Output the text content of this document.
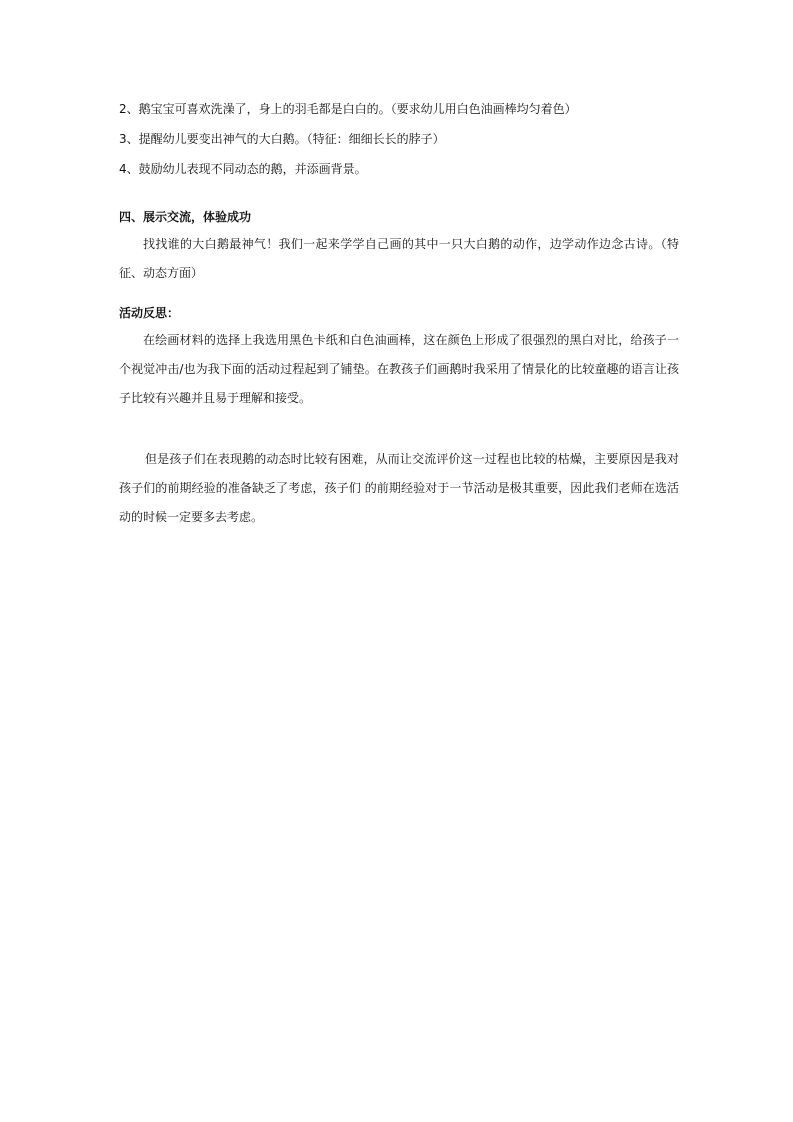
2、鹅宝宝可喜欢洗澡了，身上的羽毛都是白白的。（要求幼儿用白色油画棒均匀着色）

3、提醒幼儿要变出神气的大白鹅。（特征：细细长长的脖子）

4、鼓励幼儿表现不同动态的鹅，并添画背景。

四、展示交流，体验成功

找找谁的大白鹅最神气！我们一起来学学自己画的其中一只大白鹅的动作，边学动作边念古诗。（特征、动态方面）

活动反思：

在绘画材料的选择上我选用黑色卡纸和白色油画棒，这在颜色上形成了很强烈的黑白对比，给孩子一个视觉冲击/也为我下面的活动过程起到了铺垫。在教孩子们画鹅时我采用了情景化的比较童趣的语言让孩子比较有兴趣并且易于理解和接受。

但是孩子们在表现鹅的动态时比较有困难，从而让交流评价这一过程也比较的枯燥，主要原因是我对孩子们的前期经验的准备缺乏了考虑，孩子们 的前期经验对于一节活动是极其重要，因此我们老师在选活动的时候一定要多去考虑。
